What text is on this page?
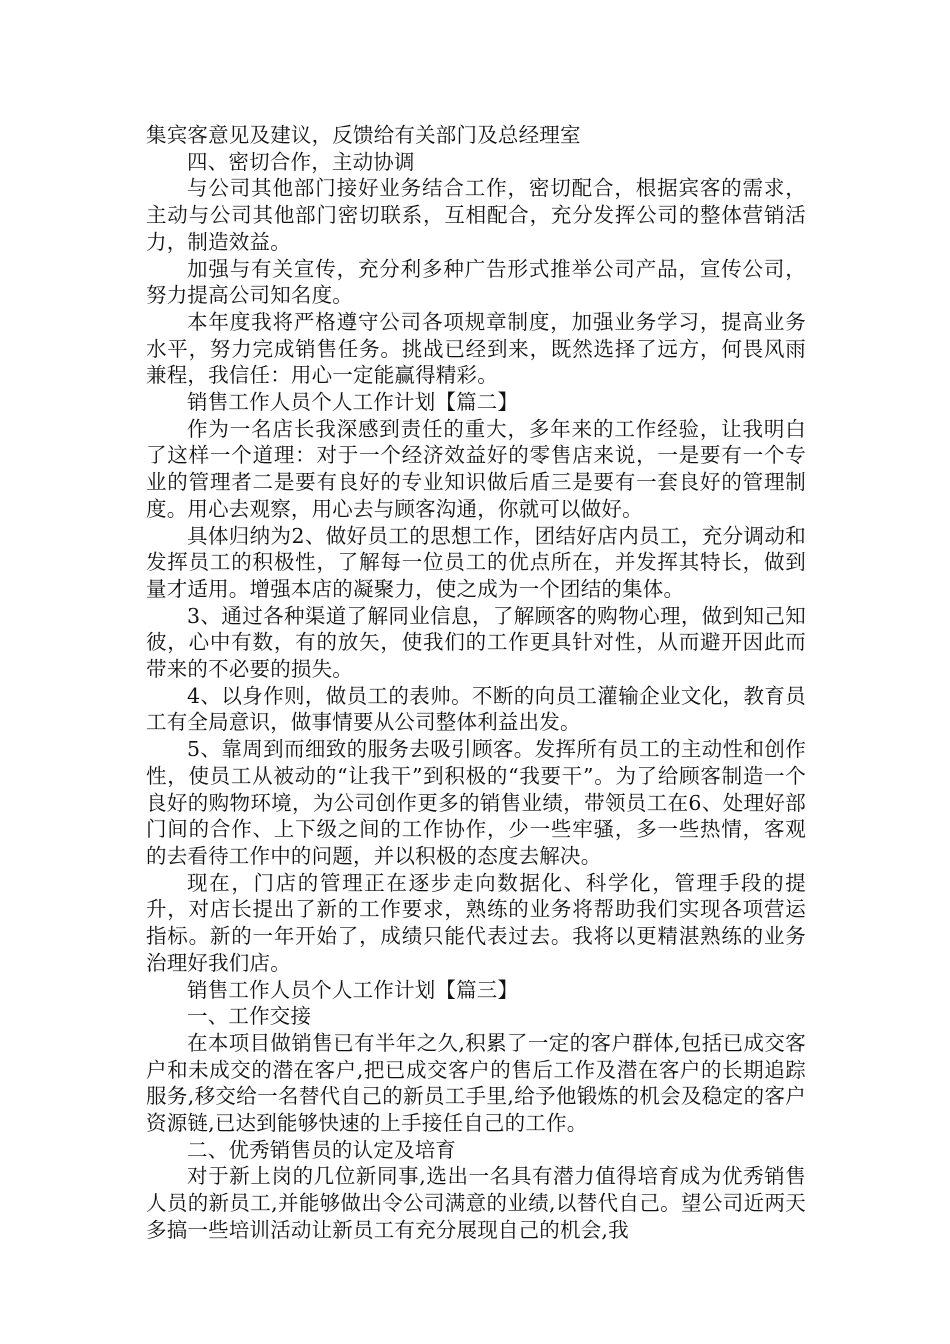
集宾客意见及建议，反馈给有关部门及总经理室

四、密切合作，主动协调

与公司其他部门接好业务结合工作，密切配合，根据宾客的需求，主动与公司其他部门密切联系，互相配合，充分发挥公司的整体营销活力，制造效益。

加强与有关宣传，充分利多种广告形式推举公司产品，宣传公司，努力提高公司知名度。

本年度我将严格遵守公司各项规章制度，加强业务学习，提高业务水平，努力完成销售任务。挑战已经到来，既然选择了远方，何畏风雨兼程，我信任：用心一定能赢得精彩。

销售工作人员个人工作计划【篇二】

作为一名店长我深感到责任的重大，多年来的工作经验，让我明白了这样一个道理：对于一个经济效益好的零售店来说，一是要有一个专业的管理者二是要有良好的专业知识做后盾三是要有一套良好的管理制度。用心去观察，用心去与顾客沟通，你就可以做好。

具体归纳为2、做好员工的思想工作，团结好店内员工，充分调动和发挥员工的积极性，了解每一位员工的优点所在，并发挥其特长，做到量才适用。增强本店的凝聚力，使之成为一个团结的集体。

3、通过各种渠道了解同业信息，了解顾客的购物心理，做到知己知彼，心中有数，有的放矢，使我们的工作更具针对性，从而避开因此而带来的不必要的损失。

4、以身作则，做员工的表帅。不断的向员工灌输企业文化，教育员工有全局意识，做事情要从公司整体利益出发。

5、靠周到而细致的服务去吸引顾客。发挥所有员工的主动性和创作性，使员工从被动的“让我干”到积极的“我要干”。为了给顾客制造一个良好的购物环境，为公司创作更多的销售业绩，带领员工在6、处理好部门间的合作、上下级之间的工作协作，少一些牢骚，多一些热情，客观的去看待工作中的问题，并以积极的态度去解决。

现在，门店的管理正在逐步走向数据化、科学化，管理手段的提升，对店长提出了新的工作要求，熟练的业务将帮助我们实现各项营运指标。新的一年开始了，成绩只能代表过去。我将以更精湛熟练的业务治理好我们店。

销售工作人员个人工作计划【篇三】

一、工作交接

在本项目做销售已有半年之久,积累了一定的客户群体,包括已成交客户和未成交的潜在客户,把已成交客户的售后工作及潜在客户的长期追踪服务,移交给一名替代自己的新员工手里,给予他锻炼的机会及稳定的客户资源链,已达到能够快速的上手接任自己的工作。

二、优秀销售员的认定及培育

对于新上岗的几位新同事,选出一名具有潜力值得培育成为优秀销售人员的新员工,并能够做出令公司满意的业绩,以替代自己。望公司近两天多搞一些培训活动让新员工有充分展现自己的机会,我
